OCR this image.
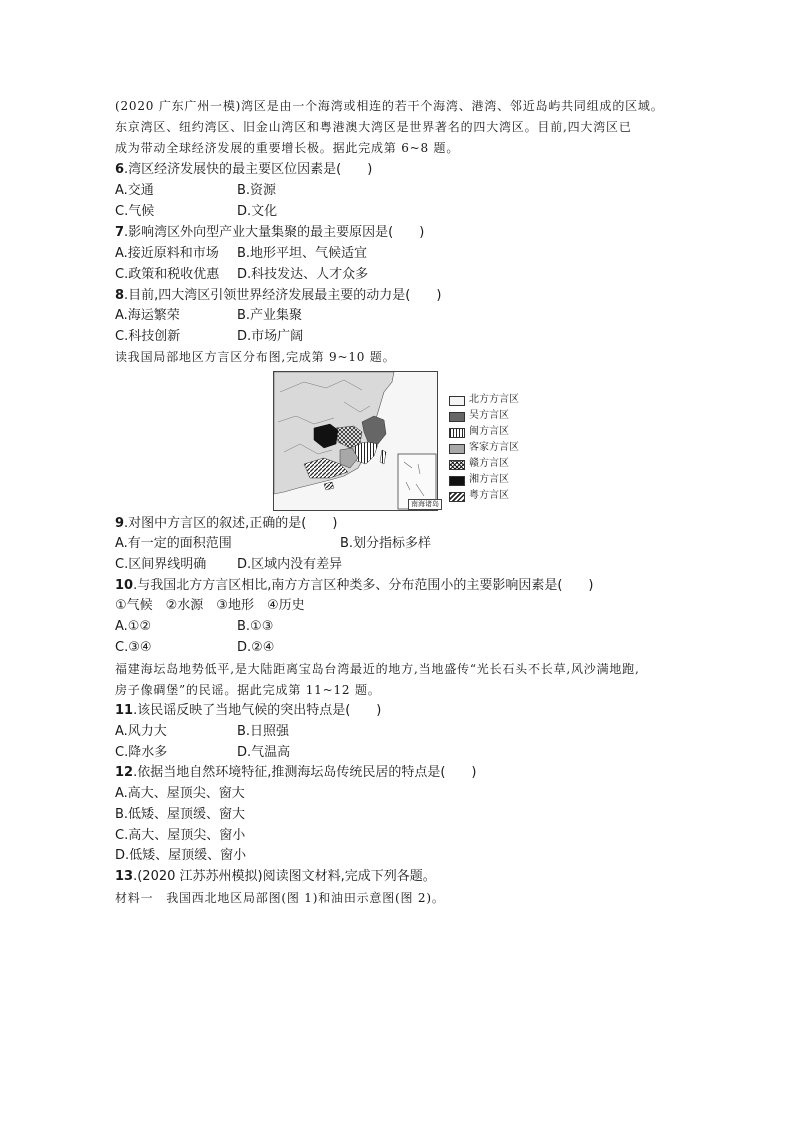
(2020 广东广州一模)湾区是由一个海湾或相连的若干个海湾、港湾、邻近岛屿共同组成的区域。
东京湾区、纽约湾区、旧金山湾区和粤港澳大湾区是世界著名的四大湾区。目前,四大湾区已
成为带动全球经济发展的重要增长极。据此完成第 6~8 题。
6.湾区经济发展快的最主要区位因素是(　　)
A.交通	B.资源
C.气候	D.文化
7.影响湾区外向型产业大量集聚的最主要原因是(　　)
A.接近原料和市场 B.地形平坦、气候适宜
C.政策和税收优惠 D.科技发达、人才众多
8.目前,四大湾区引领世界经济发展最主要的动力是(　　)
A.海运繁荣	B.产业集聚
C.科技创新	D.市场广阔
读我国局部地区方言区分布图,完成第 9~10 题。
南海诸岛
北方方言区
吴方言区
闽方言区
客家方言区
赣方言区
湘方言区
粤方言区
9.对图中方言区的叙述,正确的是(　　)
A.有一定的面积范围	B.划分指标多样
C.区间界线明确 D.区域内没有差异
10.与我国北方方言区相比,南方方言区种类多、分布范围小的主要影响因素是(　　)
①气候　②水源　③地形　④历史
A.①②	B.①③
C.③④	D.②④
福建海坛岛地势低平,是大陆距离宝岛台湾最近的地方,当地盛传“光长石头不长草,风沙满地跑,
房子像碉堡”的民谣。据此完成第 11~12 题。
11.该民谣反映了当地气候的突出特点是(　　)
A.风力大	B.日照强
C.降水多	D.气温高
12.依据当地自然环境特征,推测海坛岛传统民居的特点是(　　)
A.高大、屋顶尖、窗大
B.低矮、屋顶缓、窗大
C.高大、屋顶尖、窗小
D.低矮、屋顶缓、窗小
13.(2020 江苏苏州模拟)阅读图文材料,完成下列各题。
材料一　我国西北地区局部图(图 1)和油田示意图(图 2)。
